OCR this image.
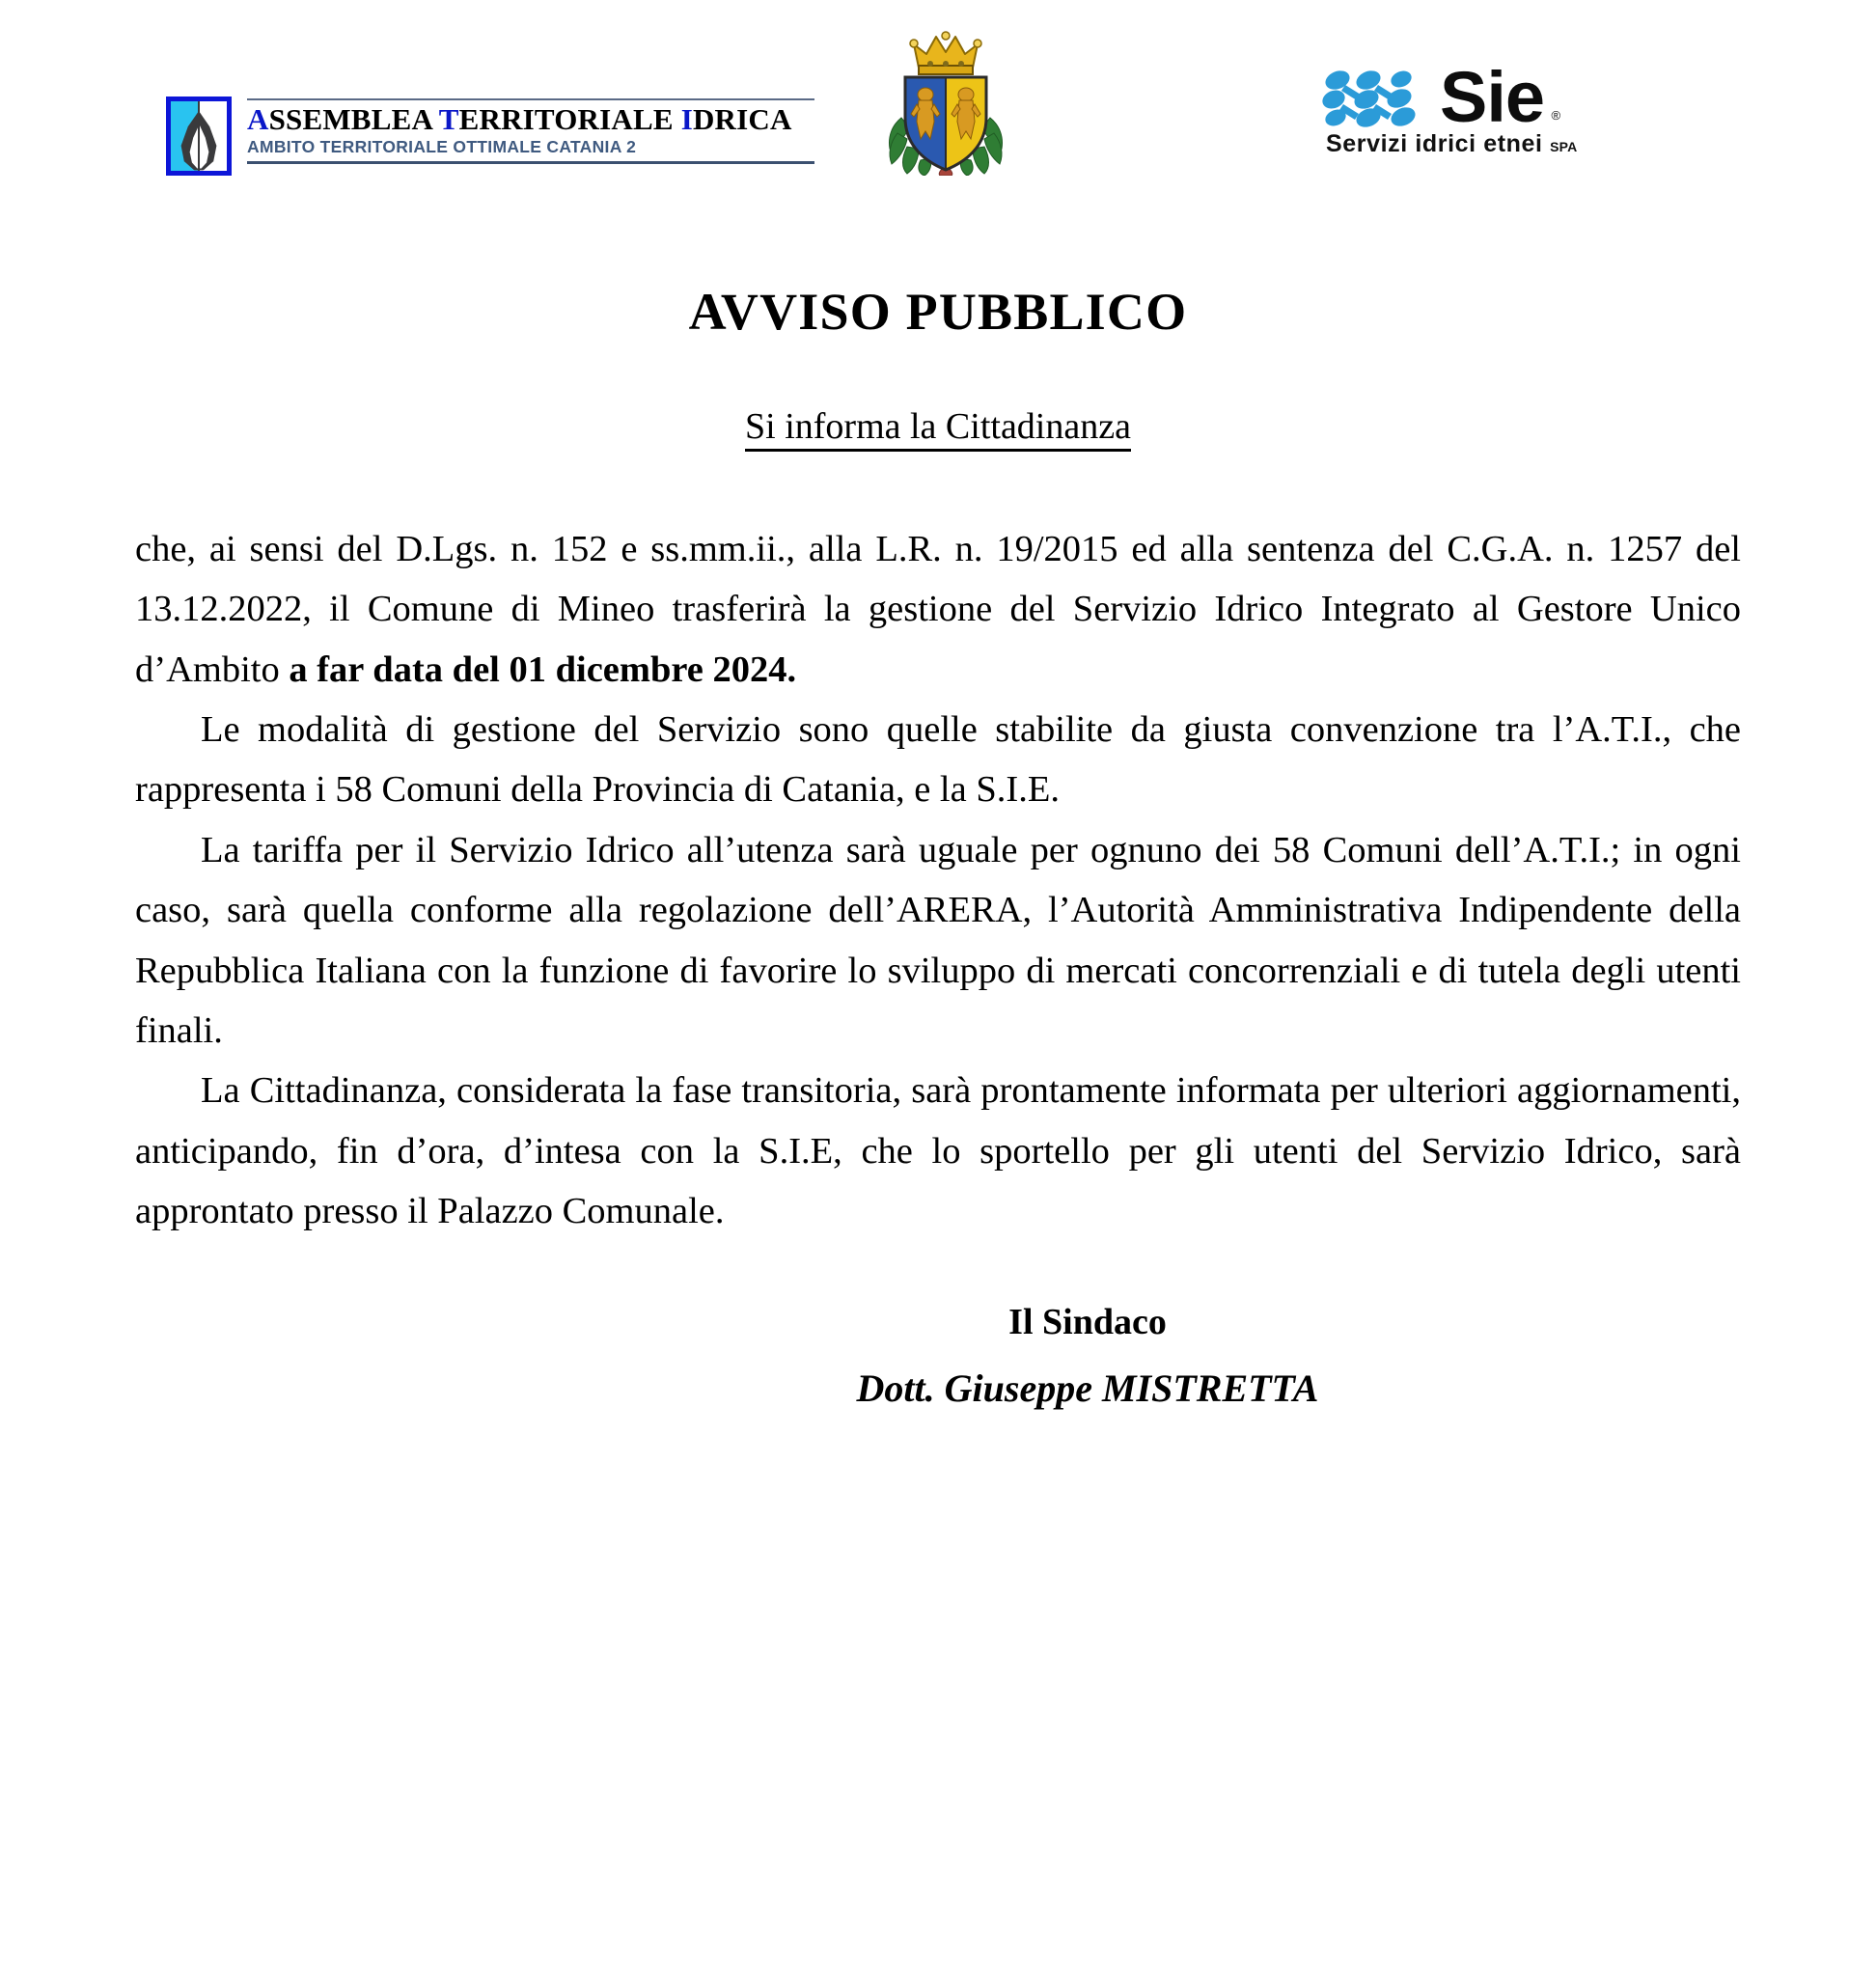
ASSEMBLEA TERRITORIALE IDRICA
AMBITO TERRITORIALE OTTIMALE CATANIA 2
Sie ®
Servizi idrici etnei SPA
AVVISO PUBBLICO
Si informa la Cittadinanza

che, ai sensi del D.Lgs. n. 152 e ss.mm.ii., alla L.R. n. 19/2015 ed alla sentenza del C.G.A. n. 1257 del 13.12.2022, il Comune di Mineo trasferirà la gestione del Servizio Idrico Integrato al Gestore Unico d’Ambito a far data del 01 dicembre 2024.

Le modalità di gestione del Servizio sono quelle stabilite da giusta convenzione tra l’A.T.I., che rappresenta i 58 Comuni della Provincia di Catania, e la S.I.E.

La tariffa per il Servizio Idrico all’utenza sarà uguale per ognuno dei 58 Comuni dell’A.T.I.; in ogni caso, sarà quella conforme alla regolazione dell’ARERA, l’Autorità Amministrativa Indipendente della Repubblica Italiana con la funzione di favorire lo sviluppo di mercati concorrenziali e di tutela degli utenti finali.

La Cittadinanza, considerata la fase transitoria, sarà prontamente informata per ulteriori aggiornamenti, anticipando, fin d’ora, d’intesa con la S.I.E, che lo sportello per gli utenti del Servizio Idrico, sarà approntato presso il Palazzo Comunale.

Il Sindaco
Dott. Giuseppe MISTRETTA
